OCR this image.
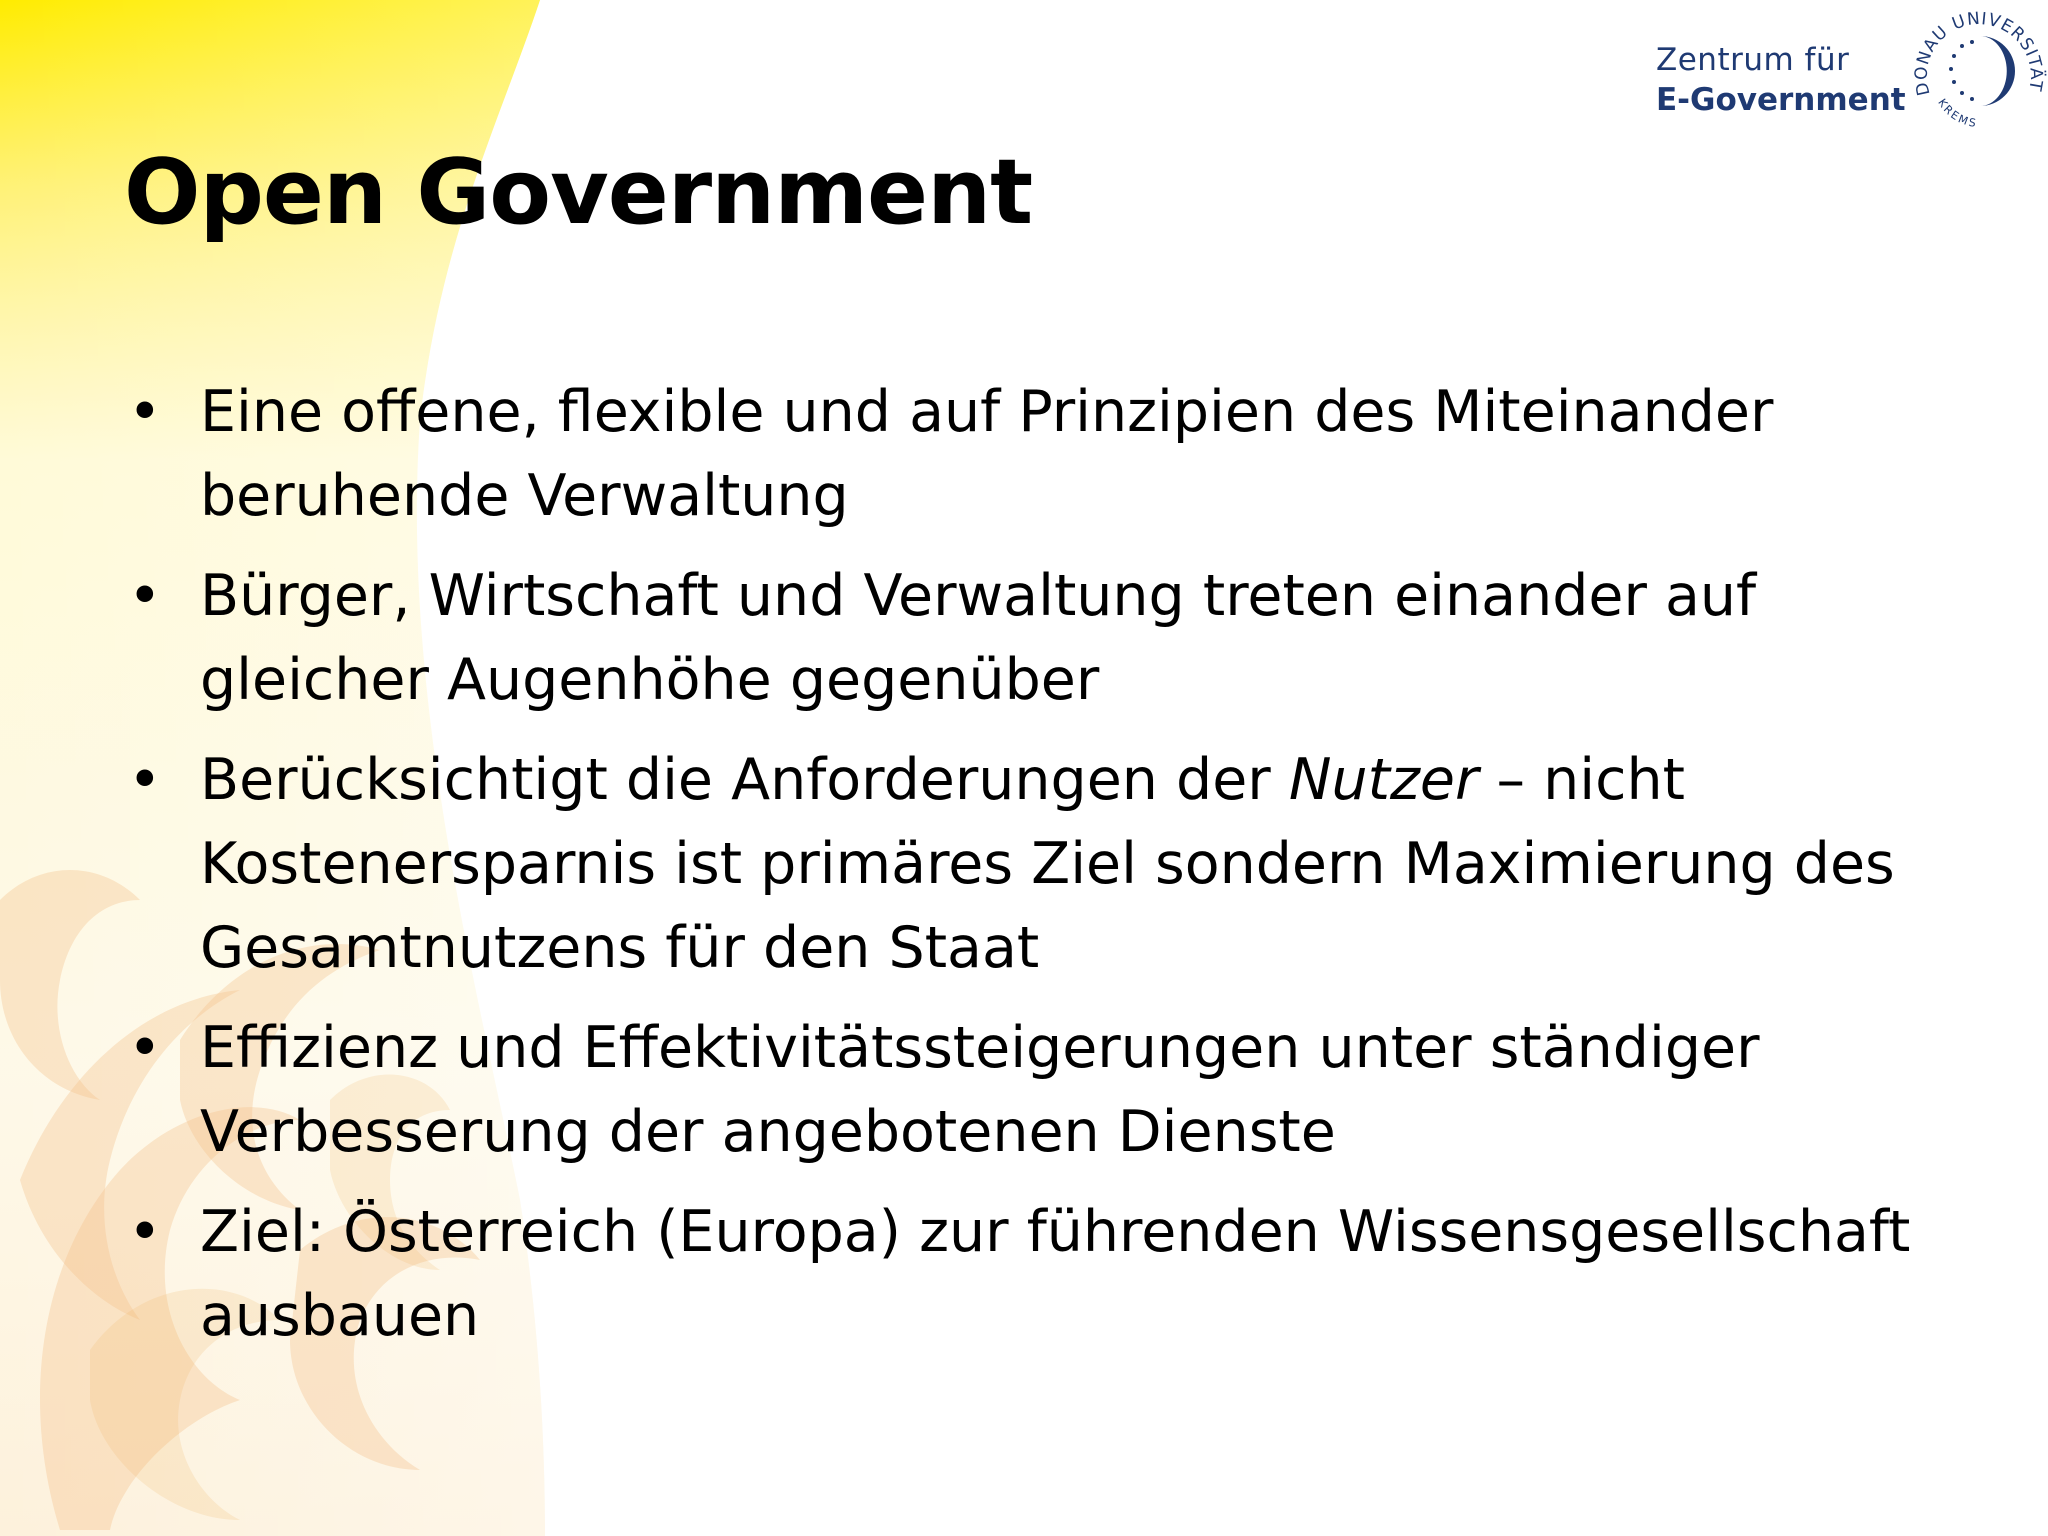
Zentrum für
E-Government DONAU UNIVERSITÄT
KREMS
Open Government
• Eine offene, flexible und auf Prinzipien des Miteinander
beruhende Verwaltung
• Bürger, Wirtschaft und Verwaltung treten einander auf
gleicher Augenhöhe gegenüber
• Berücksichtigt die Anforderungen der Nutzer – nicht
Kostenersparnis ist primäres Ziel sondern Maximierung des
Gesamtnutzens für den Staat
• Effizienz und Effektivitätssteigerungen unter ständiger
Verbesserung der angebotenen Dienste
• Ziel: Österreich (Europa) zur führenden Wissensgesellschaft
ausbauen
